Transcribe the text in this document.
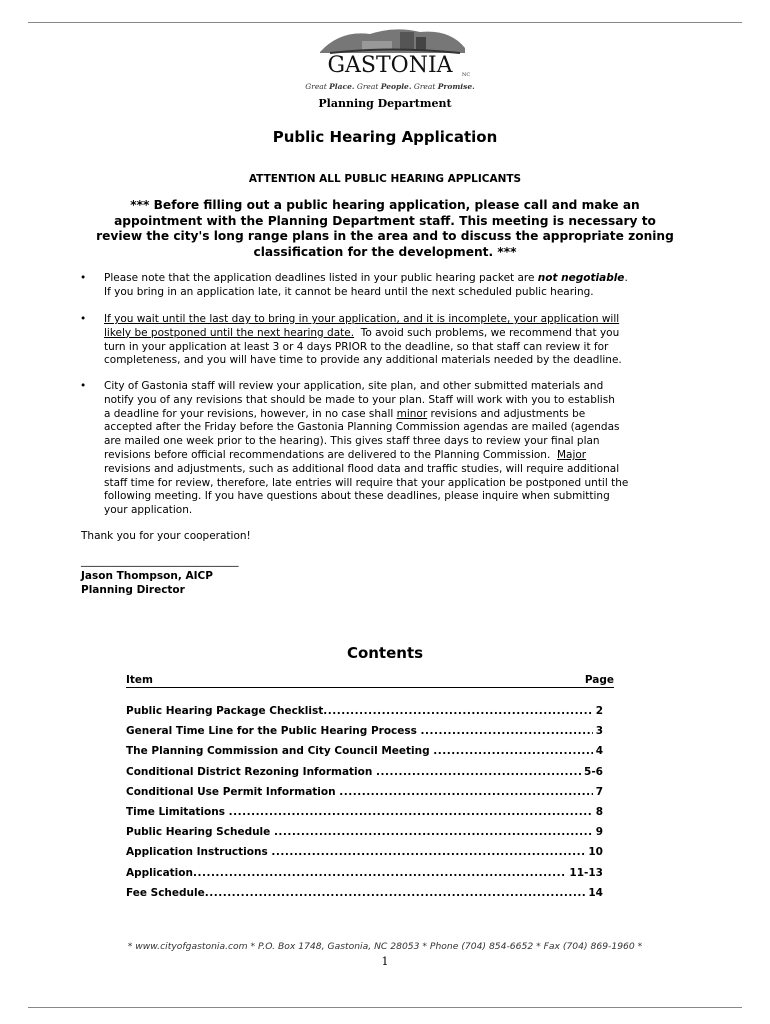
GASTONIA NC
Great Place. Great People. Great Promise.
Planning Department
Public Hearing Application
ATTENTION ALL PUBLIC HEARING APPLICANTS
*** Before filling out a public hearing application, please call and make an
appointment with the Planning Department staff. This meeting is necessary to
review the city's long range plans in the area and to discuss the appropriate zoning
classification for the development. ***
• Please note that the application deadlines listed in your public hearing packet are not negotiable.
If you bring in an application late, it cannot be heard until the next scheduled public hearing.
• If you wait until the last day to bring in your application, and it is incomplete, your application will
likely be postponed until the next hearing date.  To avoid such problems, we recommend that you
turn in your application at least 3 or 4 days PRIOR to the deadline, so that staff can review it for
completeness, and you will have time to provide any additional materials needed by the deadline.
• City of Gastonia staff will review your application, site plan, and other submitted materials and
notify you of any revisions that should be made to your plan. Staff will work with you to establish
a deadline for your revisions, however, in no case shall minor revisions and adjustments be
accepted after the Friday before the Gastonia Planning Commission agendas are mailed (agendas
are mailed one week prior to the hearing). This gives staff three days to review your final plan
revisions before official recommendations are delivered to the Planning Commission.  Major
revisions and adjustments, such as additional flood data and traffic studies, will require additional
staff time for review, therefore, late entries will require that your application be postponed until the
following meeting. If you have questions about these deadlines, please inquire when submitting
your application.
Thank you for your cooperation!
______________________________
Jason Thompson, AICP
Planning Director
Contents
Item	Page
Public Hearing Package Checklist .....	2
General Time Line for the Public Hearing Process .....	3
The Planning Commission and City Council Meeting .....	4
Conditional District Rezoning Information .....	5-6
Conditional Use Permit Information .....	7
Time Limitations .....	8
Public Hearing Schedule .....	9
Application Instructions .....	10
Application .....	11-13
Fee Schedule .....	14
* www.cityofgastonia.com * P.O. Box 1748, Gastonia, NC 28053 * Phone (704) 854-6652 * Fax (704) 869-1960 *
1
